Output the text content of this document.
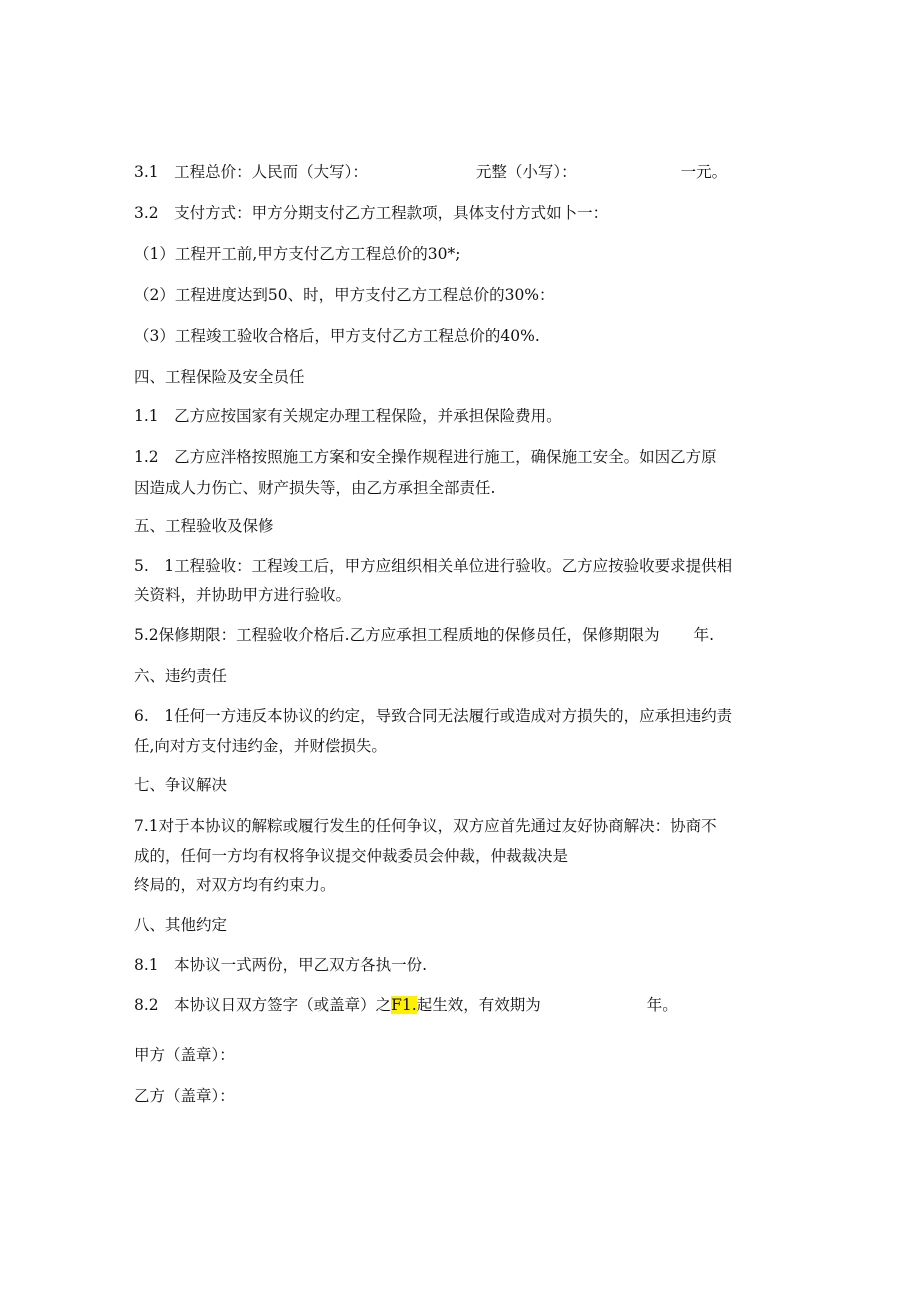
3.1　工程总价：人民而（大写）：	元整（小写）：	一元。
3.2　支付方式：甲方分期支付乙方工程款项，具体支付方式如卜一：
（1）工程开工前,甲方支付乙方工程总价的30*;
（2）工程进度达到50、时，甲方支付乙方工程总价的30%：
（3）工程竣工验收合格后，甲方支付乙方工程总价的40%.
四、工程保险及安全员任
1.1　乙方应按国家有关规定办理工程保险，并承担保险费用。
1.2　乙方应泮格按照施工方案和安全操作规程进行施工，确保施工安全。如因乙方原
因造成人力伤亡、财产损失等，由乙方承担全部责任.
五、工程验收及保修
5.　1工程验收：工程竣工后，甲方应组织相关单位进行验收。乙方应按验收要求提供相
关资料，并协助甲方进行验收。
5.2保修期限：工程验收介格后.乙方应承担工程质地的保修员任，保修期限为 年.
六、违约责任
6.　1任何一方违反本协议的约定，导致合同无法履行或造成对方损失的，应承担违约责
任,向对方支付违约金，并财偿损失。
七、争议解决
7.1对于本协议的解粽或履行发生的任何争议，双方应首先通过友好协商解决：协商不
成的，任何一方均有权将争议提交仲裁委员会仲裁，仲裁裁决是
终局的，对双方均有约束力。
八、其他约定
8.1　本协议一式两份，甲乙双方各执一份.
8.2　本协议日双方签字（或盖章）之F1.起生效，有效期为	年。
甲方（盖章）：
乙方（盖章）：
